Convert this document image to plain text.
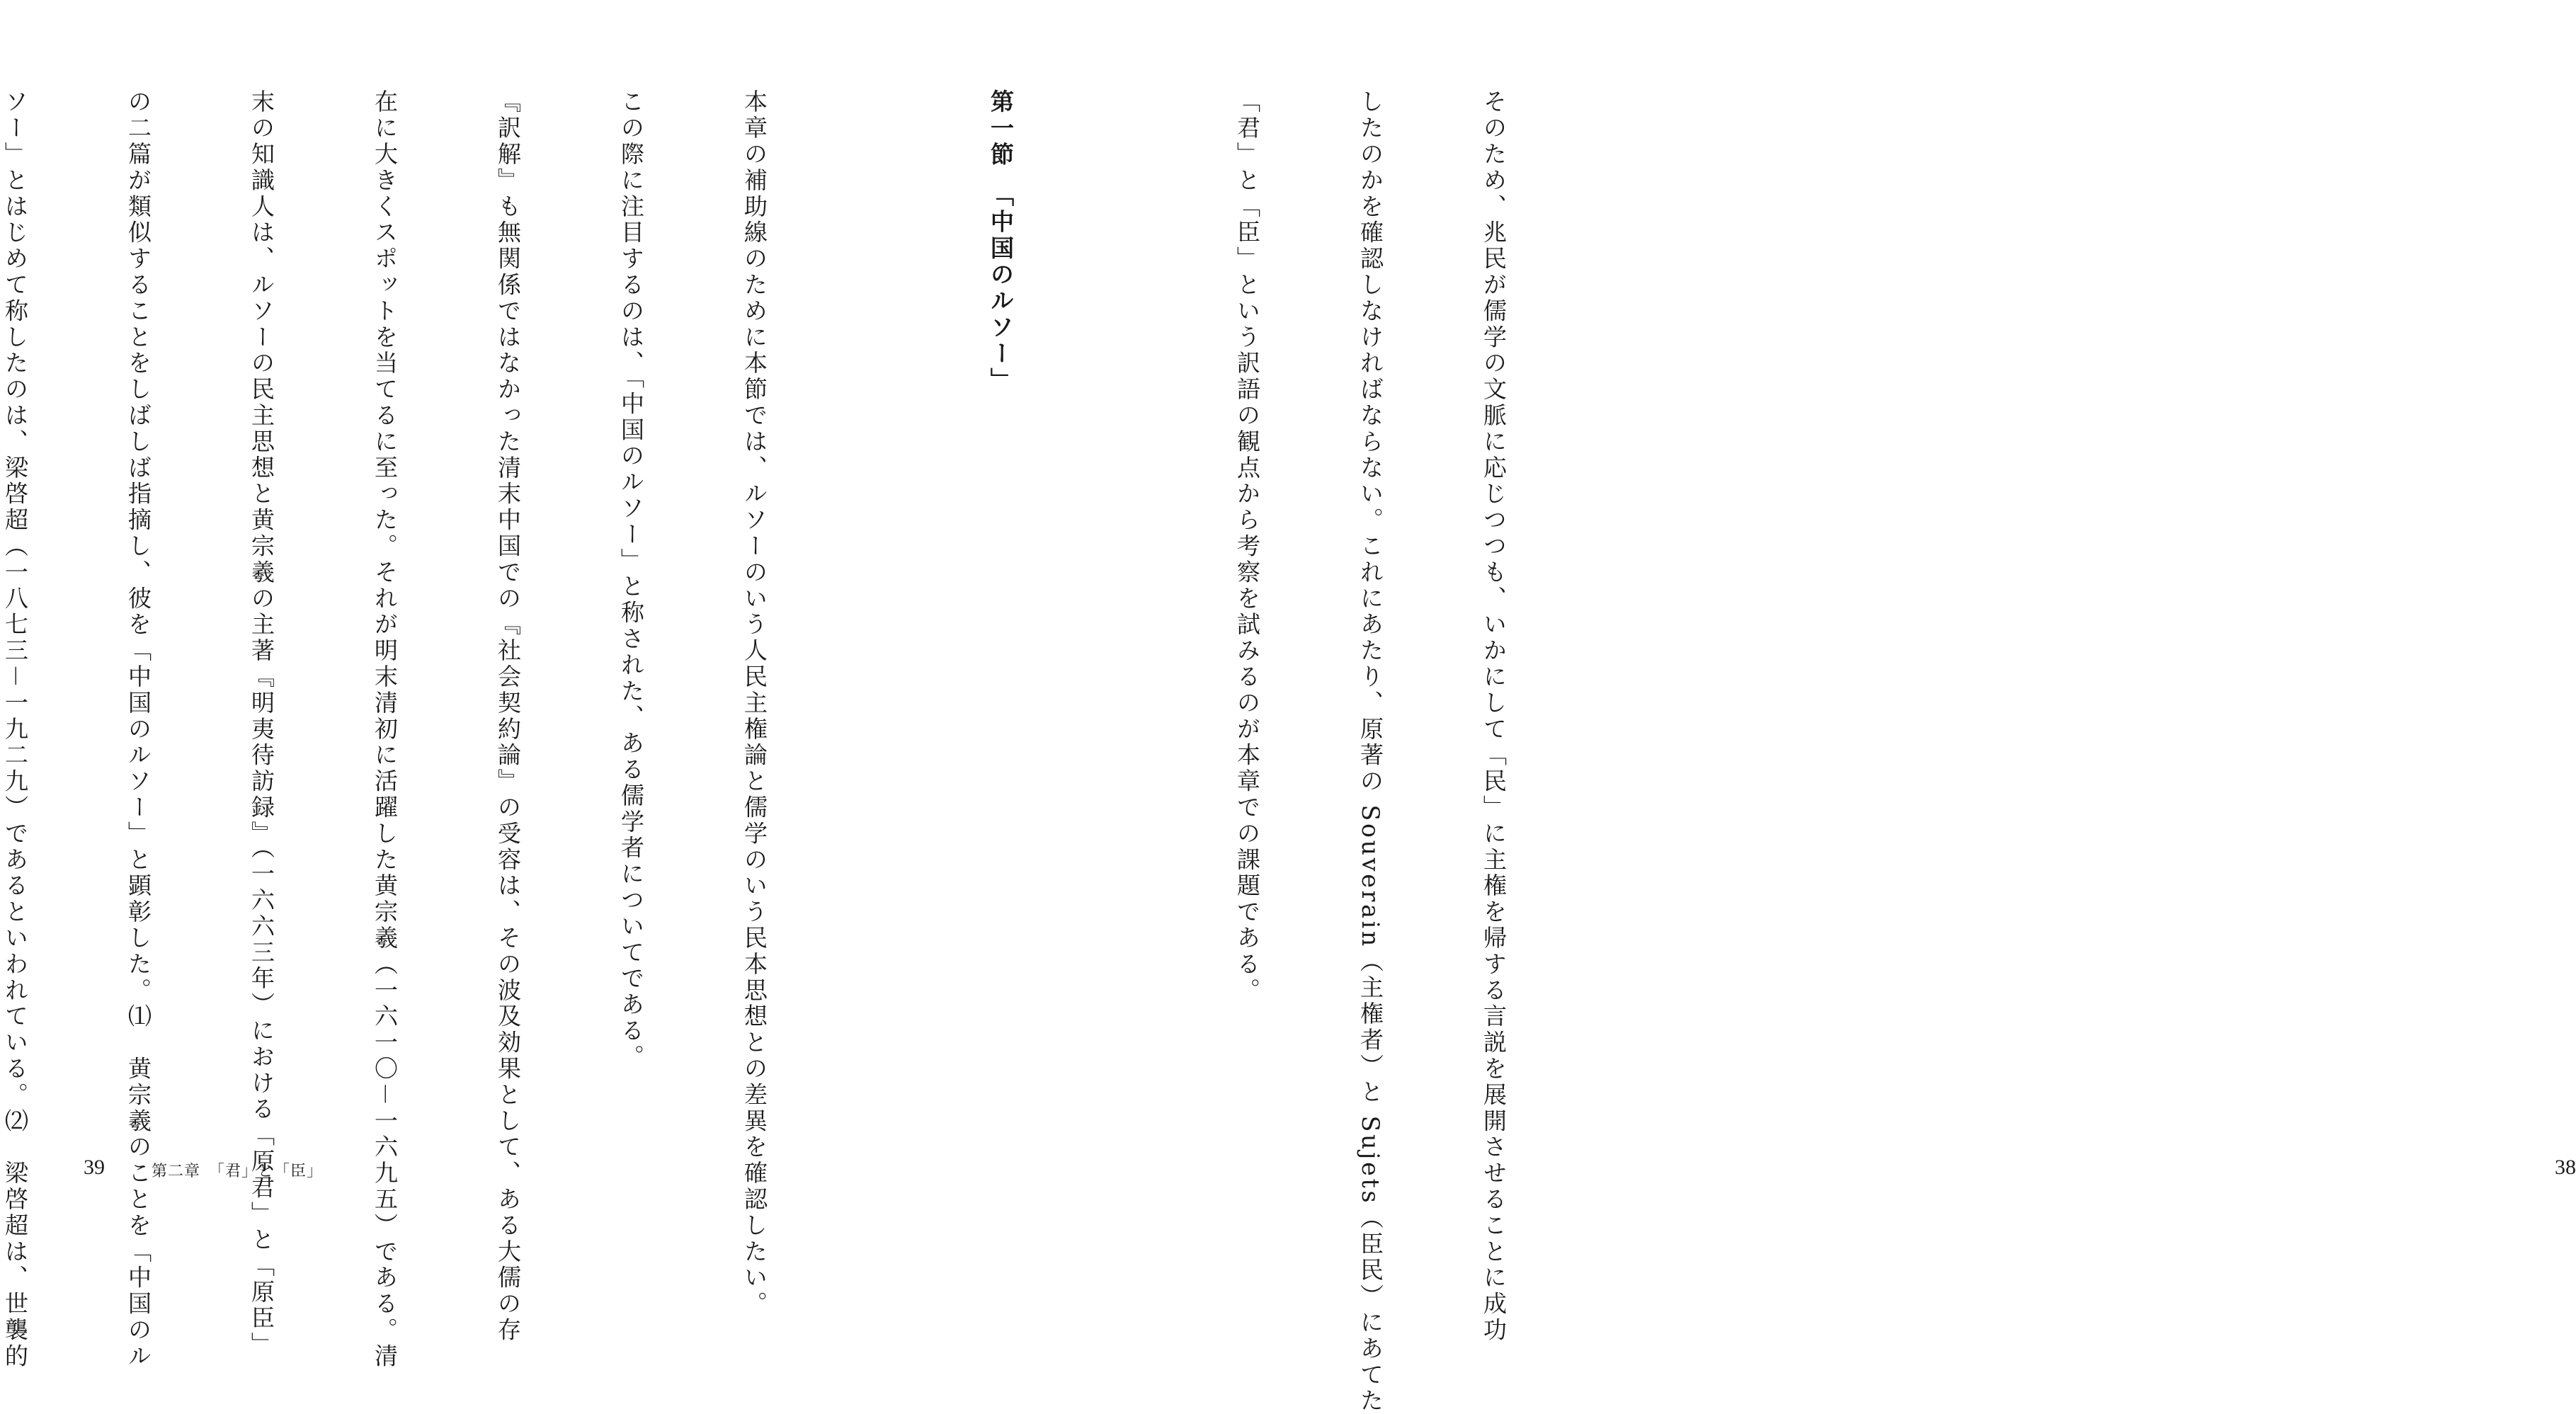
39	第二章　「君」と「臣」

	そのため、兆民が儒学の文脈に応じつつも、いかにして「民」に主権を帰する言説を展開させることに成功

したのかを確認しなければならない。これにあたり、原著の Souverain（主権者）と Sujets（臣民）にあてた

「君」と「臣」という訳語の観点から考察を試みるのが本章での課題である。

第一節　「中国のルソー」

本章の補助線のために本節では、ルソーのいう人民主権論と儒学のいう民本思想との差異を確認したい。

この際に注目するのは、「中国のルソー」と称された、ある儒学者についてである。

『訳解』も無関係ではなかった清末中国での『社会契約論』の受容は、その波及効果として、ある大儒の存

在に大きくスポットを当てるに至った。それが明末清初に活躍した黄宗羲（一六一〇－一六九五）である。清

末の知識人は、ルソーの民主思想と黄宗羲の主著『明夷待訪録』（一六六三年）における「原君」と「原臣」

の二篇が類似することをしばしば指摘し、彼を「中国のルソー」と顕彰した。⑴　黄宗羲のことを「中国のル

ソー」とはじめて称したのは、梁啓超（一八七三－一九二九）であるといわれている。⑵　梁啓超は、世襲的

	38
